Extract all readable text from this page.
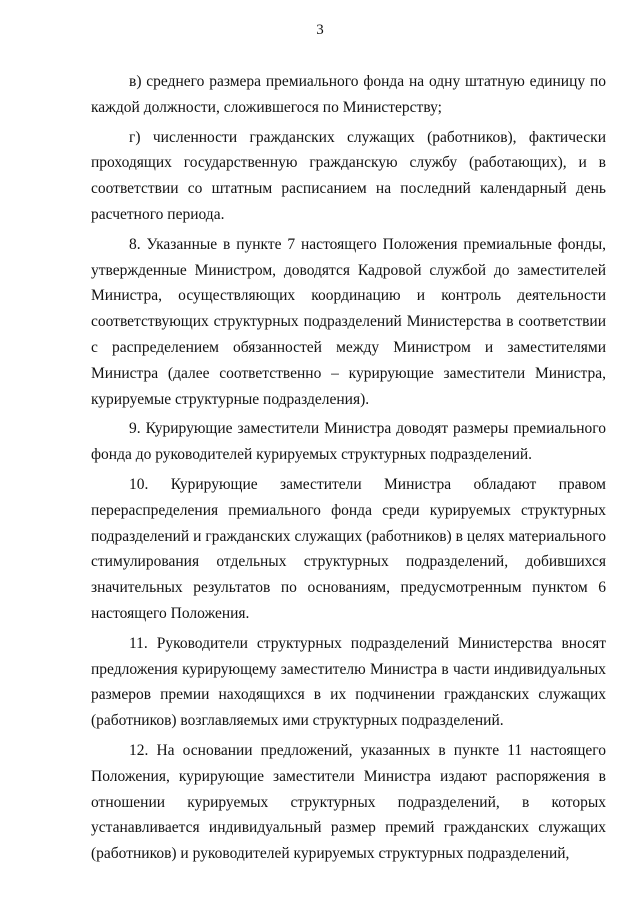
3

в) среднего размера премиального фонда на одну штатную единицу по каждой должности, сложившегося по Министерству;

г) численности гражданских служащих (работников), фактически проходящих государственную гражданскую службу (работающих), и в соответствии со штатным расписанием на последний календарный день расчетного периода.

8. Указанные в пункте 7 настоящего Положения премиальные фонды, утвержденные Министром, доводятся Кадровой службой до заместителей Министра, осуществляющих координацию и контроль деятельности соответствующих структурных подразделений Министерства в соответствии с распределением обязанностей между Министром и заместителями Министра (далее соответственно – курирующие заместители Министра, курируемые структурные подразделения).

9. Курирующие заместители Министра доводят размеры премиального фонда до руководителей курируемых структурных подразделений.

10. Курирующие заместители Министра обладают правом перераспределения премиального фонда среди курируемых структурных подразделений и гражданских служащих (работников) в целях материального стимулирования отдельных структурных подразделений, добившихся значительных результатов по основаниям, предусмотренным пунктом 6 настоящего Положения.

11. Руководители структурных подразделений Министерства вносят предложения курирующему заместителю Министра в части индивидуальных размеров премии находящихся в их подчинении гражданских служащих (работников) возглавляемых ими структурных подразделений.

12. На основании предложений, указанных в пункте 11 настоящего Положения, курирующие заместители Министра издают распоряжения в отношении курируемых структурных подразделений, в которых устанавливается индивидуальный размер премий гражданских служащих (работников) и руководителей курируемых структурных подразделений,
